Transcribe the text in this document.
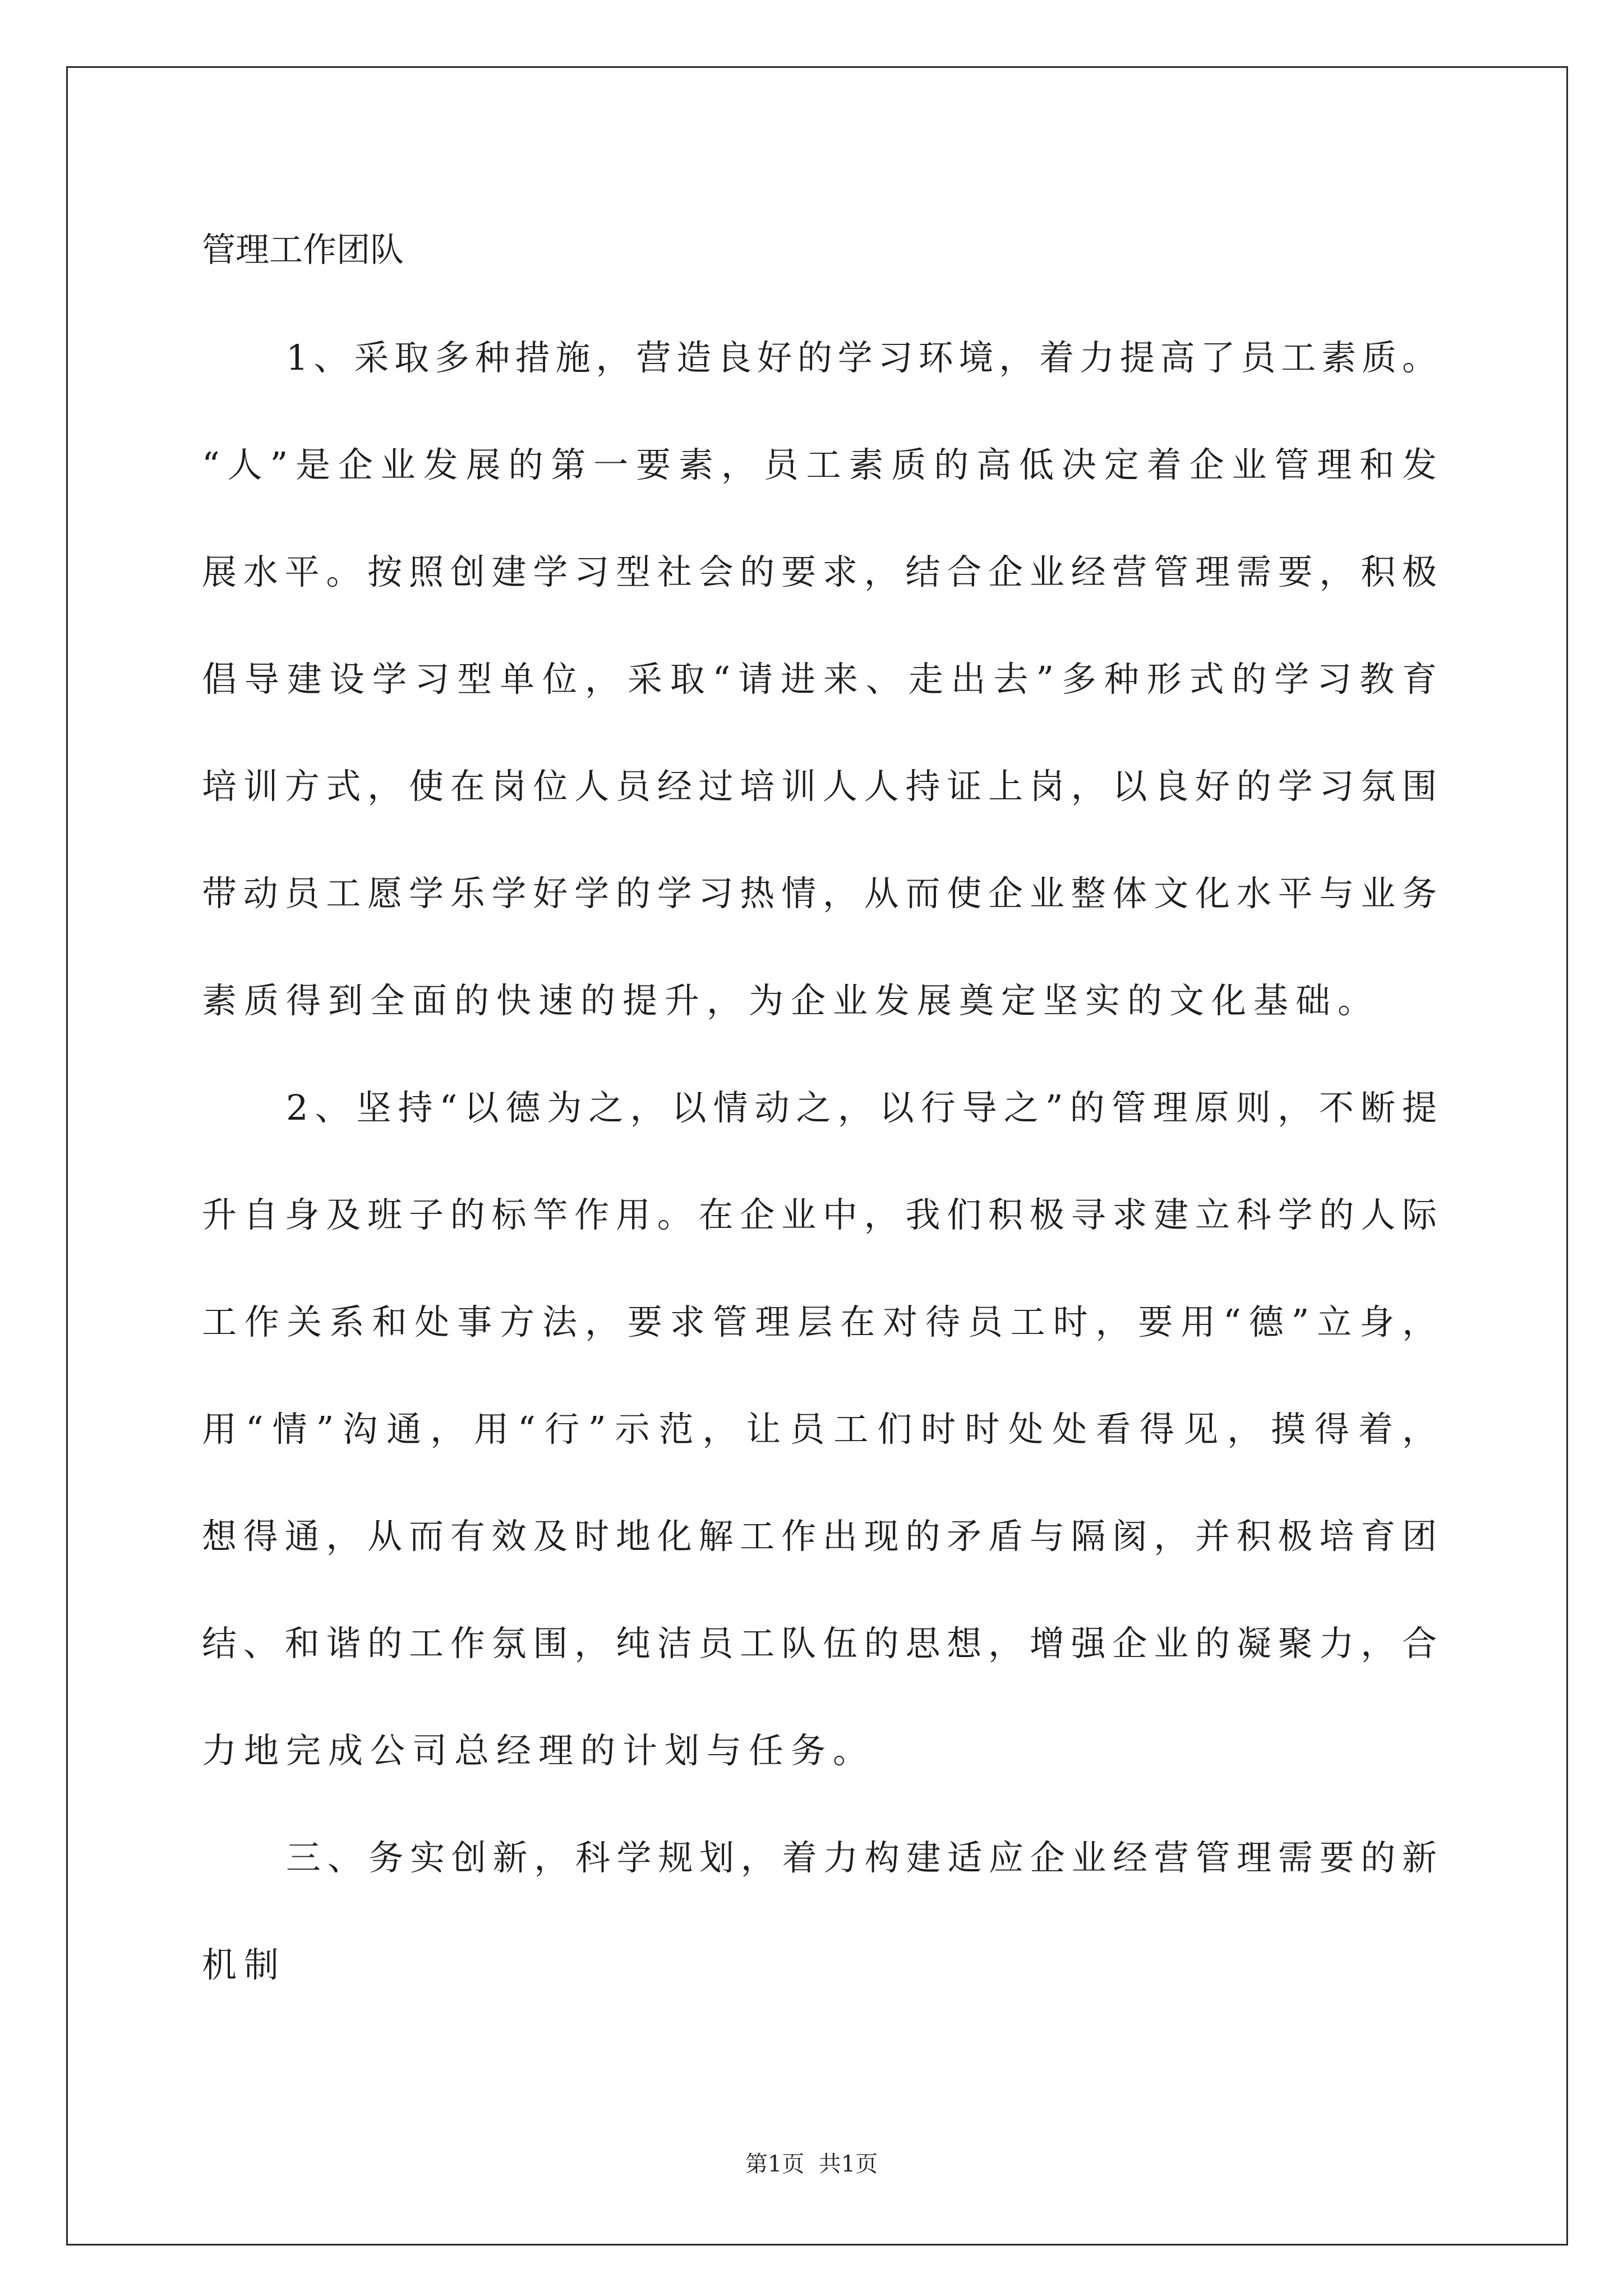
管理工作团队
1、采取多种措施，营造良好的学习环境，着力提高了员工素质。
“人”是企业发展的第一要素，员工素质的高低决定着企业管理和发
展水平。按照创建学习型社会的要求，结合企业经营管理需要，积极
倡导建设学习型单位，采取“请进来、走出去”多种形式的学习教育
培训方式，使在岗位人员经过培训人人持证上岗，以良好的学习氛围
带动员工愿学乐学好学的学习热情，从而使企业整体文化水平与业务
素质得到全面的快速的提升，为企业发展奠定坚实的文化基础。
2、坚持“以德为之，以情动之，以行导之”的管理原则，不断提
升自身及班子的标竿作用。在企业中，我们积极寻求建立科学的人际
工作关系和处事方法，要求管理层在对待员工时，要用“德”立身，
用“情”沟通，用“行”示范，让员工们时时处处看得见，摸得着，
想得通，从而有效及时地化解工作出现的矛盾与隔阂，并积极培育团
结、和谐的工作氛围，纯洁员工队伍的思想，增强企业的凝聚力，合
力地完成公司总经理的计划与任务。
三、务实创新，科学规划，着力构建适应企业经营管理需要的新
机制
第1页  共1页
